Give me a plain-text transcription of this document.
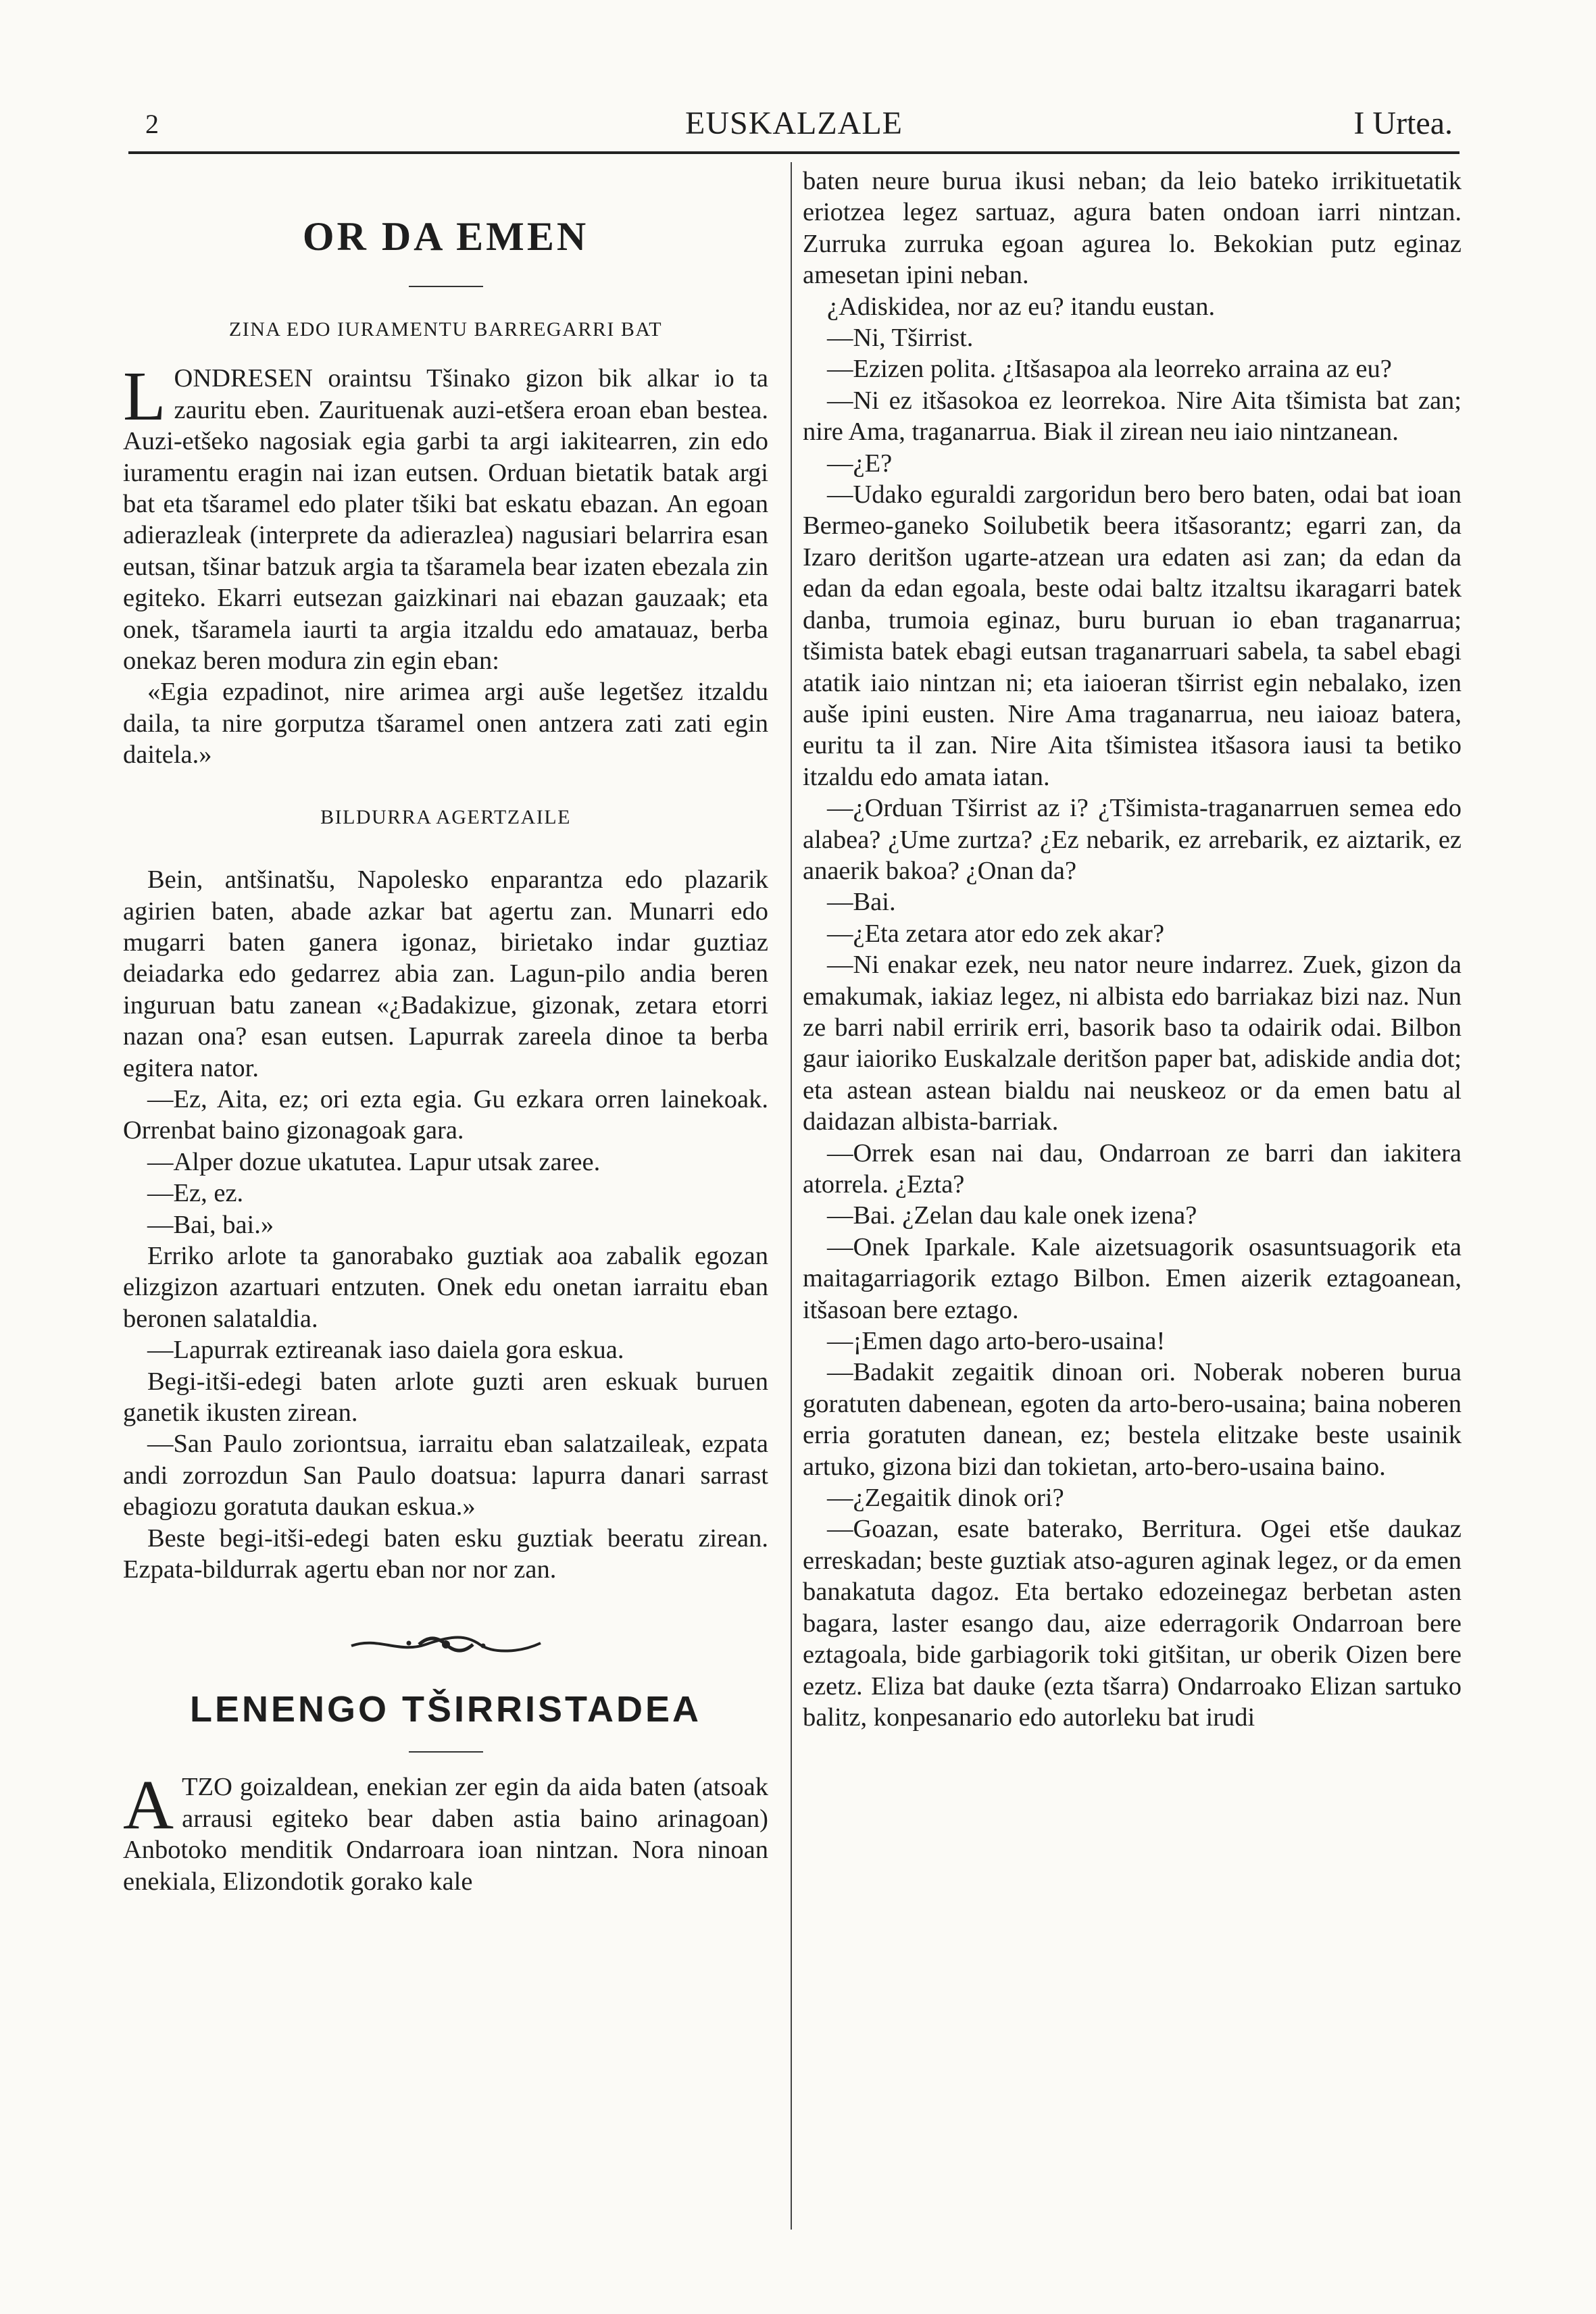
2	EUSKALZALE	I Urtea.
OR DA EMEN
ZINA EDO IURAMENTU BARREGARRI BAT

LONDRESEN oraintsu Tšinako gizon bik alkar io ta zauritu eben. Zaurituenak auzi-etšera eroan eban bestea. Auzi-etšeko nagosiak egia garbi ta argi iakitearren, zin edo iuramentu eragin nai izan eutsen. Orduan bietatik batak argi bat eta tšaramel edo plater tšiki bat eskatu ebazan. An egoan adierazleak (interprete da adierazlea) nagusiari belarrira esan eutsan, tšinar batzuk argia ta tšaramela bear izaten ebezala zin egiteko. Ekarri eutsezan gaizkinari nai ebazan gauzaak; eta onek, tšaramela iaurti ta argia itzaldu edo amatauaz, berba onekaz beren modura zin egin eban:

«Egia ezpadinot, nire arimea argi auše legetšez itzaldu daila, ta nire gorputza tšaramel onen antzera zati zati egin daitela.»

BILDURRA AGERTZAILE

Bein, antšinatšu, Napolesko enparantza edo plazarik agirien baten, abade azkar bat agertu zan. Munarri edo mugarri baten ganera igonaz, birietako indar guztiaz deiadarka edo gedarrez abia zan. Lagun-pilo andia beren inguruan batu zanean «¿Badakizue, gizonak, zetara etorri nazan ona? esan eutsen. Lapurrak zareela dinoe ta berba egitera nator.

—Ez, Aita, ez; ori ezta egia. Gu ezkara orren lainekoak. Orrenbat baino gizonagoak gara.

—Alper dozue ukatutea. Lapur utsak zaree.

—Ez, ez.

—Bai, bai.»

Erriko arlote ta ganorabako guztiak aoa zabalik egozan elizgizon azartuari entzuten. Onek edu onetan iarraitu eban beronen salataldia.

—Lapurrak eztireanak iaso daiela gora eskua.

Begi-itši-edegi baten arlote guzti aren eskuak buruen ganetik ikusten zirean.

—San Paulo zoriontsua, iarraitu eban salatzaileak, ezpata andi zorrozdun San Paulo doatsua: lapurra danari sarrast ebagiozu goratuta daukan eskua.»

Beste begi-itši-edegi baten esku guztiak beeratu zirean. Ezpata-bildurrak agertu eban nor nor zan.

LENENGO TŠIRRISTADEA

ATZO goizaldean, enekian zer egin da aida baten (atsoak arrausi egiteko bear daben astia baino arinagoan) Anbotoko menditik Ondarroara ioan nintzan. Nora ninoan enekiala, Elizondotik gorako kale

baten neure burua ikusi neban; da leio bateko irrikituetatik eriotzea legez sartuaz, agura baten ondoan iarri nintzan. Zurruka zurruka egoan agurea lo. Bekokian putz eginaz amesetan ipini neban.

¿Adiskidea, nor az eu? itandu eustan.

—Ni, Tširrist.

—Ezizen polita. ¿Itšasapoa ala leorreko arraina az eu?

—Ni ez itšasokoa ez leorrekoa. Nire Aita tšimista bat zan; nire Ama, traganarrua. Biak il zirean neu iaio nintzanean.

—¿E?

—Udako eguraldi zargoridun bero bero baten, odai bat ioan Bermeo-ganeko Soilubetik beera itšasorantz; egarri zan, da Izaro deritšon ugarte-atzean ura edaten asi zan; da edan da edan da edan egoala, beste odai baltz itzaltsu ikaragarri batek danba, trumoia eginaz, buru buruan io eban traganarrua; tšimista batek ebagi eutsan traganarruari sabela, ta sabel ebagi atatik iaio nintzan ni; eta iaioeran tširrist egin nebalako, izen auše ipini eusten. Nire Ama traganarrua, neu iaioaz batera, euritu ta il zan. Nire Aita tšimistea itšasora iausi ta betiko itzaldu edo amata iatan.

—¿Orduan Tširrist az i? ¿Tšimista-traganarruen semea edo alabea? ¿Ume zurtza? ¿Ez nebarik, ez arrebarik, ez aiztarik, ez anaerik bakoa? ¿Onan da?

—Bai.

—¿Eta zetara ator edo zek akar?

—Ni enakar ezek, neu nator neure indarrez. Zuek, gizon da emakumak, iakiaz legez, ni albista edo barriakaz bizi naz. Nun ze barri nabil erririk erri, basorik baso ta odairik odai. Bilbon gaur iaioriko Euskalzale deritšon paper bat, adiskide andia dot; eta astean astean bialdu nai neuskeoz or da emen batu al daidazan albista-barriak.

—Orrek esan nai dau, Ondarroan ze barri dan iakitera atorrela. ¿Ezta?

—Bai. ¿Zelan dau kale onek izena?

—Onek Iparkale. Kale aizetsuagorik osasuntsuagorik eta maitagarriagorik eztago Bilbon. Emen aizerik eztagoanean, itšasoan bere eztago.

—¡Emen dago arto-bero-usaina!

—Badakit zegaitik dinoan ori. Noberak noberen burua goratuten dabenean, egoten da arto-bero-usaina; baina noberen erria goratuten danean, ez; bestela elitzake beste usainik artuko, gizona bizi dan tokietan, arto-bero-usaina baino.

—¿Zegaitik dinok ori?

—Goazan, esate baterako, Berritura. Ogei etše daukaz erreskadan; beste guztiak atso-aguren aginak legez, or da emen banakatuta dagoz. Eta bertako edozeinegaz berbetan asten bagara, laster esango dau, aize ederragorik Ondarroan bere eztagoala, bide garbiagorik toki gitšitan, ur oberik Oizen bere ezetz. Eliza bat dauke (ezta tšarra) Ondarroako Elizan sartuko balitz, konpesanario edo autorleku bat irudi
